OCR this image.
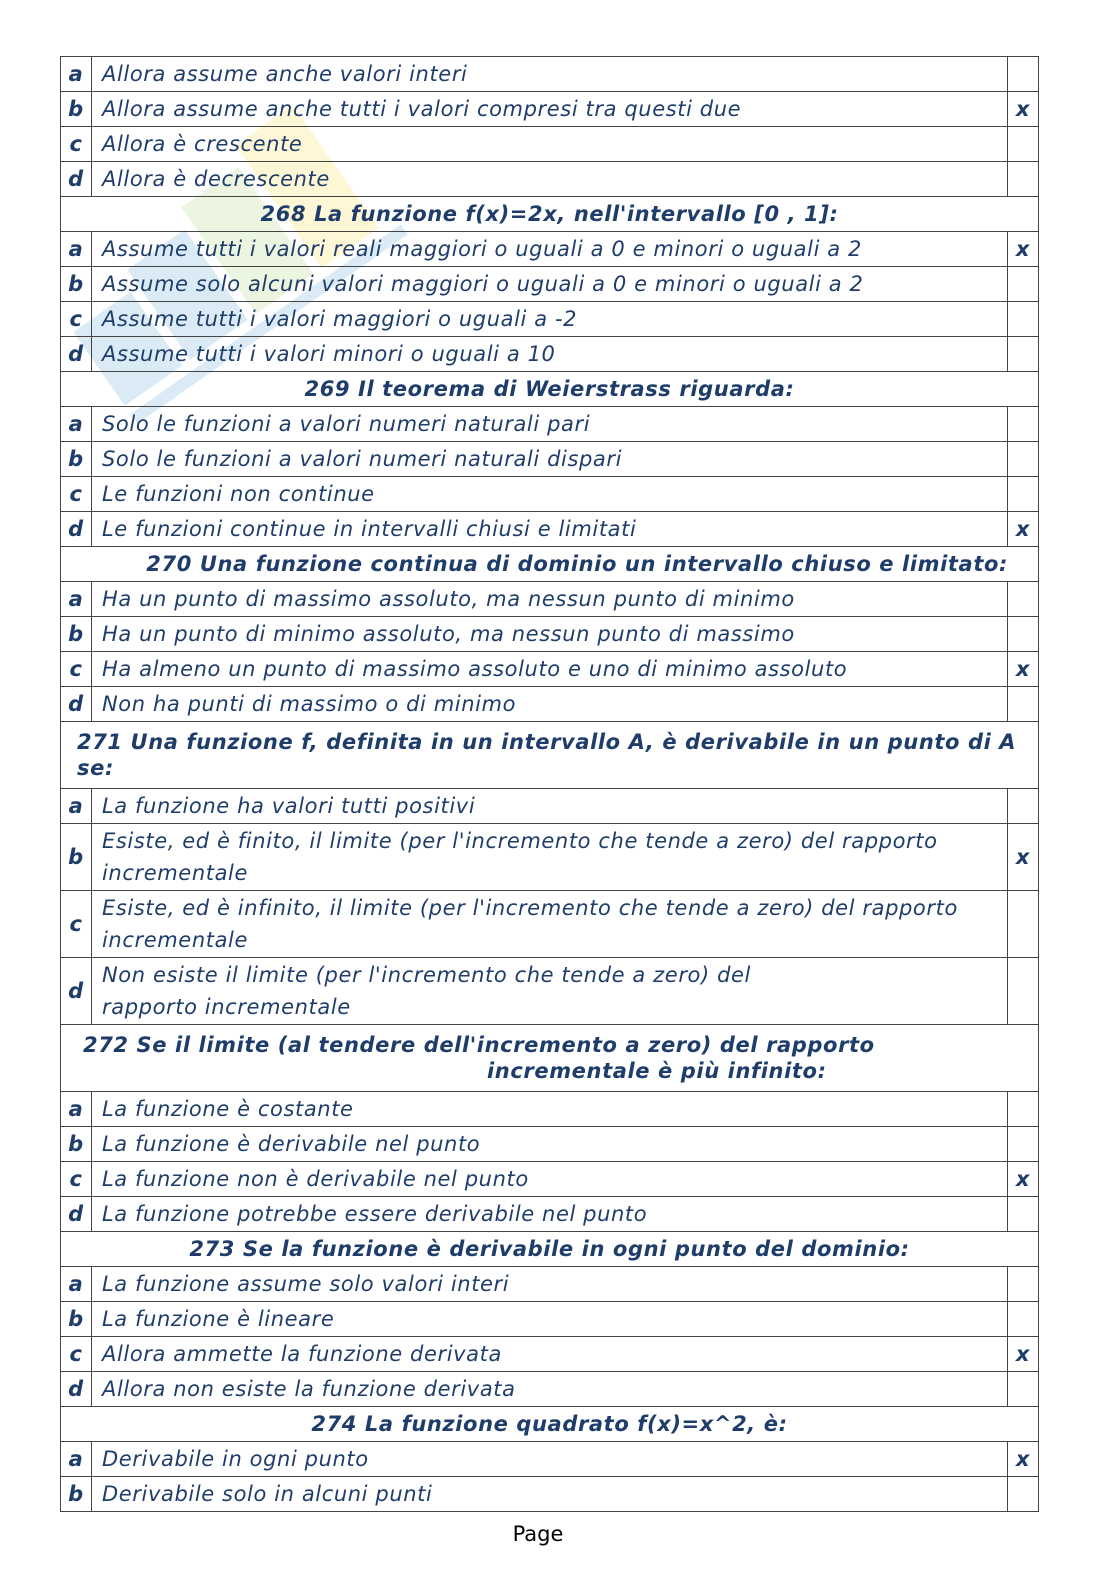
a	Allora assume anche valori interi	
b	Allora assume anche tutti i valori compresi tra questi due	x
c	Allora è crescente	
d	Allora è decrescente	
268 La funzione f(x)=2x, nell'intervallo [0 , 1]:		
a	Assume tutti i valori reali maggiori o uguali a 0 e minori o uguali a 2	x
b	Assume solo alcuni valori maggiori o uguali a 0 e minori o uguali a 2	
c	Assume tutti i valori maggiori o uguali a -2	
d	Assume tutti i valori minori o uguali a 10	
269 Il teorema di Weierstrass riguarda:		
a	Solo le funzioni a valori numeri naturali pari	
b	Solo le funzioni a valori numeri naturali dispari	
c	Le funzioni non continue	
d	Le funzioni continue in intervalli chiusi e limitati	x
270 Una funzione continua di dominio un intervallo chiuso e limitato:		
a	Ha un punto di massimo assoluto, ma nessun punto di minimo	
b	Ha un punto di minimo assoluto, ma nessun punto di massimo	
c	Ha almeno un punto di massimo assoluto e uno di minimo assoluto	x
d	Non ha punti di massimo o di minimo	
271 Una funzione f, definita in un intervallo A, è derivabile in un punto di A se:		
a	La funzione ha valori tutti positivi	
b	Esiste, ed è finito, il limite (per l'incremento che tende a zero) del rapporto incrementale	x
c	Esiste, ed è infinito, il limite (per l'incremento che tende a zero) del rapporto incrementale	
d	Non esiste il limite (per l'incremento che tende a zero) del rapporto incrementale	
272 Se il limite (al tendere dell'incremento a zero) del rapporto
incrementale è più infinito:		

a	La funzione è costante	
b	La funzione è derivabile nel punto	
c	La funzione non è derivabile nel punto	x
d	La funzione potrebbe essere derivabile nel punto	
273 Se la funzione è derivabile in ogni punto del dominio:		
a	La funzione assume solo valori interi	
b	La funzione è lineare	
c	Allora ammette la funzione derivata	x
d	Allora non esiste la funzione derivata	
274 La funzione quadrato f(x)=x^2, è:		
a	Derivabile in ogni punto	x
b	Derivabile solo in alcuni punti	
Page
